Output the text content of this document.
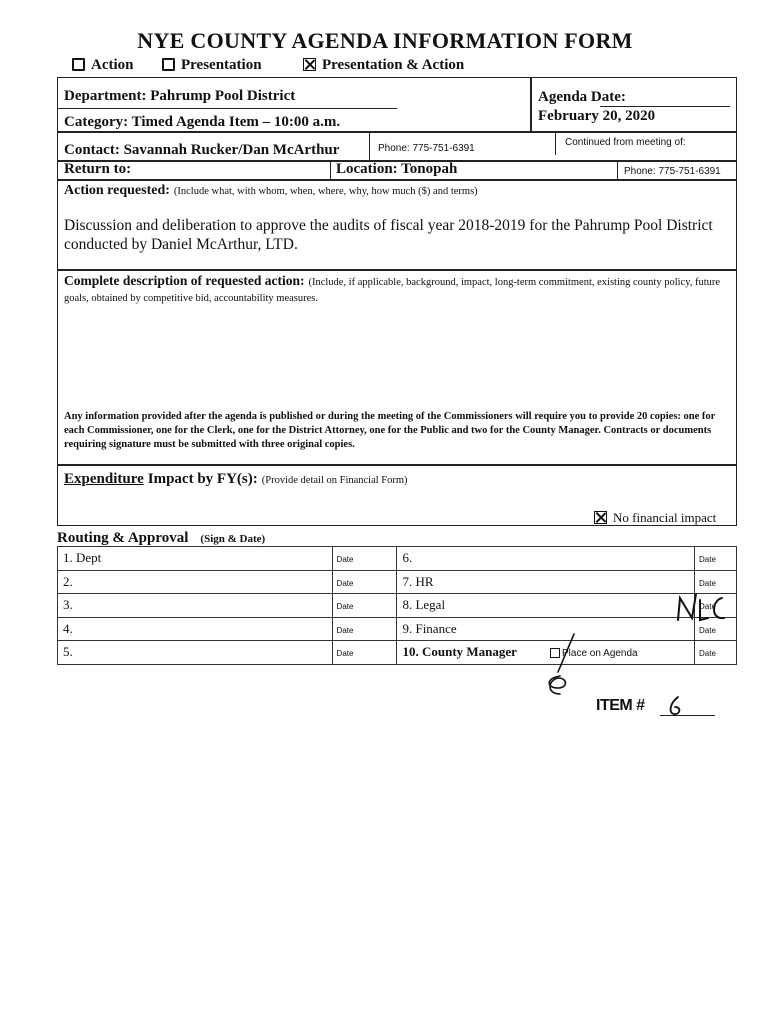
NYE COUNTY AGENDA INFORMATION FORM
Action	Presentation	Presentation & Action
Department: Pahrump Pool District	Agenda Date:
February 20, 2020
Category: Timed Agenda Item – 10:00 a.m.
Continued from meeting of:
Contact: Savannah Rucker/Dan McArthur	Phone: 775-751-6391
Return to:	Location: Tonopah	Phone: 775-751-6391
Action requested: (Include what, with whom, when, where, why, how much ($) and terms)
Discussion and deliberation to approve the audits of fiscal year 2018-2019 for the Pahrump Pool District conducted by Daniel McArthur, LTD.
Complete description of requested action: (Include, if applicable, background, impact, long-term commitment, existing county policy, future goals, obtained by competitive bid, accountability measures.
Any information provided after the agenda is published or during the meeting of the Commissioners will require you to provide 20 copies: one for each Commissioner, one for the Clerk, one for the District Attorney, one for the Public and two for the County Manager. Contracts or documents requiring signature must be submitted with three original copies.
Expenditure Impact by FY(s): (Provide detail on Financial Form)
No financial impact
Routing & Approval (Sign & Date)
1. Dept	Date	6.	Date
2.	Date	7. HR	Date
3.	Date	8. Legal	Date
4.	Date	9. Finance	Date
5.	Date	10. County Manager	Date
Place on Agenda
ITEM #
